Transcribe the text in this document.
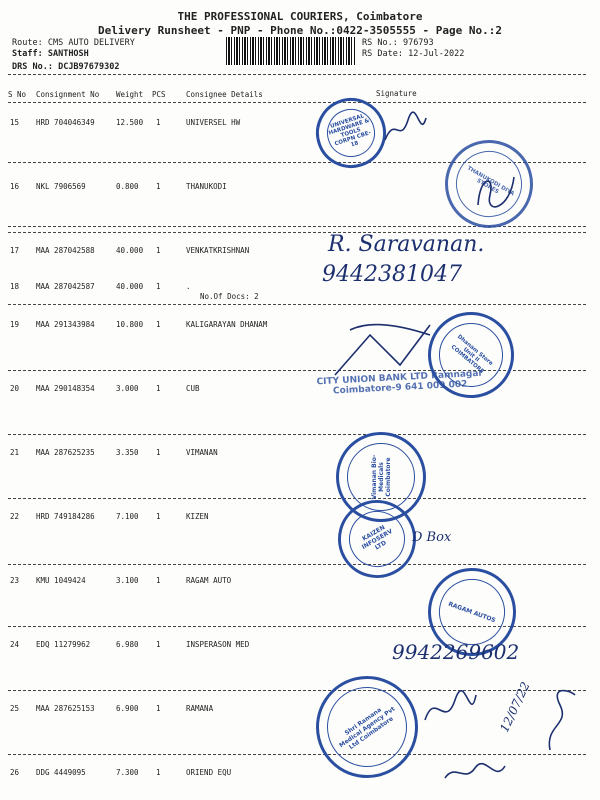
THE PROFESSIONAL COURIERS, Coimbatore
Delivery Runsheet - PNP - Phone No.:0422-3505555 - Page No.:2
Route: CMS AUTO DELIVERY
Staff: SANTHOSH
DRS No.: DCJB97679302
RS No.: 976793
RS Date: 12-Jul-2022
S No Consignment No Weight PCS	Consignee Details	Signature
15 HRD 704046349	12.500 1	UNIVERSEL HW
16 NKL 7906569	0.800 1	THANUKODI
17 MAA 287042588	40.000 1	VENKATKRISHNAN
18 MAA 287042587	40.000 1	.
19 MAA 291343984	10.800 1	KALIGARAYAN DHANAM
20 MAA 290148354	3.000 1	CUB
21 MAA 287625235	3.350 1	VIMANAN
22 HRD 749184286	7.100 1	KIZEN
23 KMU 1049424	3.100 1	RAGAM AUTO
24 EDQ 11279962	6.980 1	INSPERASON MED
25 MAA 287625153	6.900 1	RAMANA
26 DDG 4449095	7.300 1	ORIEND EQU
No.Of Docs: 2
UNIVERSAL HARDWARE & TOOLS CORPN CBE-18
THANUKODI DIYA STORES
R. Saravanan.
9442381047
Dhanam Store Unit II COIMBATORE
CITY UNION BANK LTD Ramnagar Coimbatore-9 641 009 002
Vimanan Bio-Medicals Coimbatore
KAIZEN INFOSERV LTD
D Box
RAGAM AUTOS
9942269602
Shri Ramana Medical Agency Pvt Ltd Coimbatore	12/07/22
